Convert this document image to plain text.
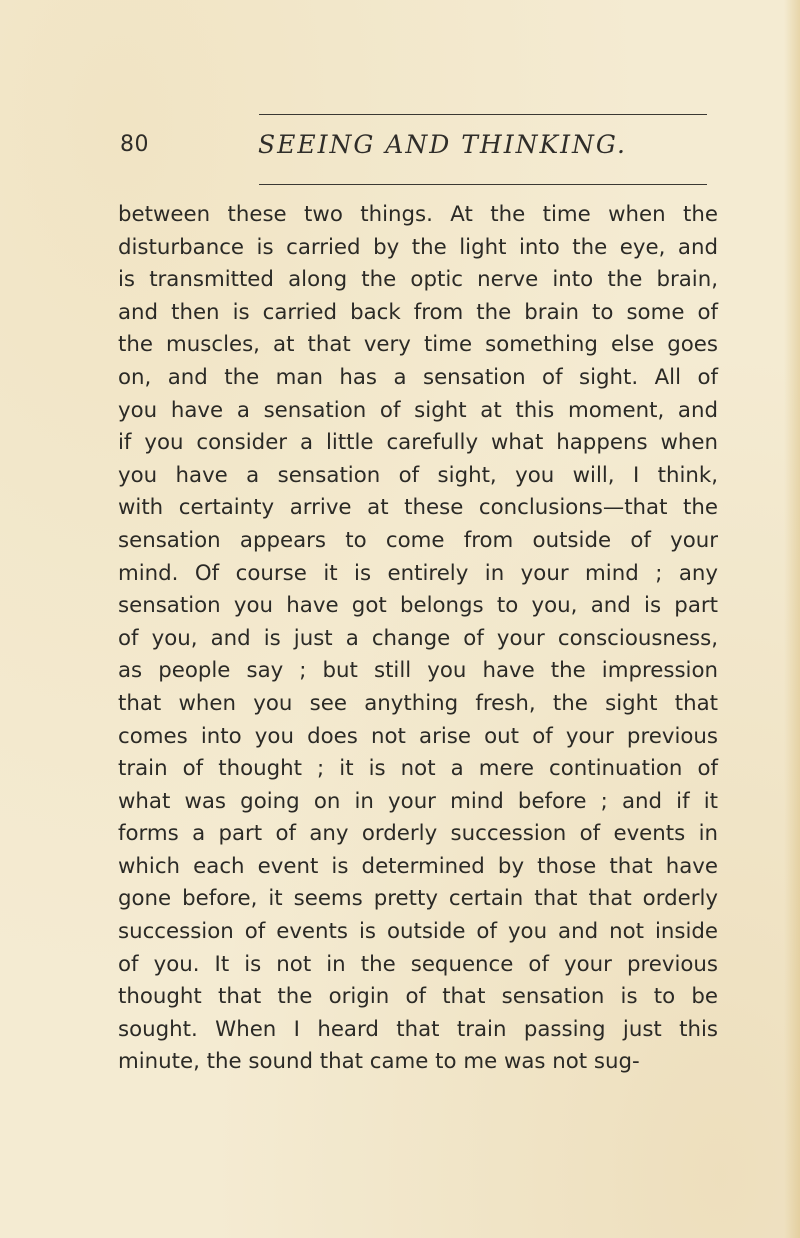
80	SEEING AND THINKING.
between these two things. At the time when the
disturbance is carried by the light into the eye, and
is transmitted along the optic nerve into the brain,
and then is carried back from the brain to some of
the muscles, at that very time something else goes
on, and the man has a sensation of sight. All of
you have a sensation of sight at this moment, and
if you consider a little carefully what happens when
you have a sensation of sight, you will, I think,
with certainty arrive at these conclusions—that the
sensation appears to come from outside of your
mind. Of course it is entirely in your mind ; any
sensation you have got belongs to you, and is part
of you, and is just a change of your consciousness,
as people say ; but still you have the impression
that when you see anything fresh, the sight that
comes into you does not arise out of your previous
train of thought ; it is not a mere continuation of
what was going on in your mind before ; and if it
forms a part of any orderly succession of events in
which each event is determined by those that have
gone before, it seems pretty certain that that orderly
succession of events is outside of you and not inside
of you. It is not in the sequence of your previous
thought that the origin of that sensation is to be
sought. When I heard that train passing just this
minute, the sound that came to me was not sug-
